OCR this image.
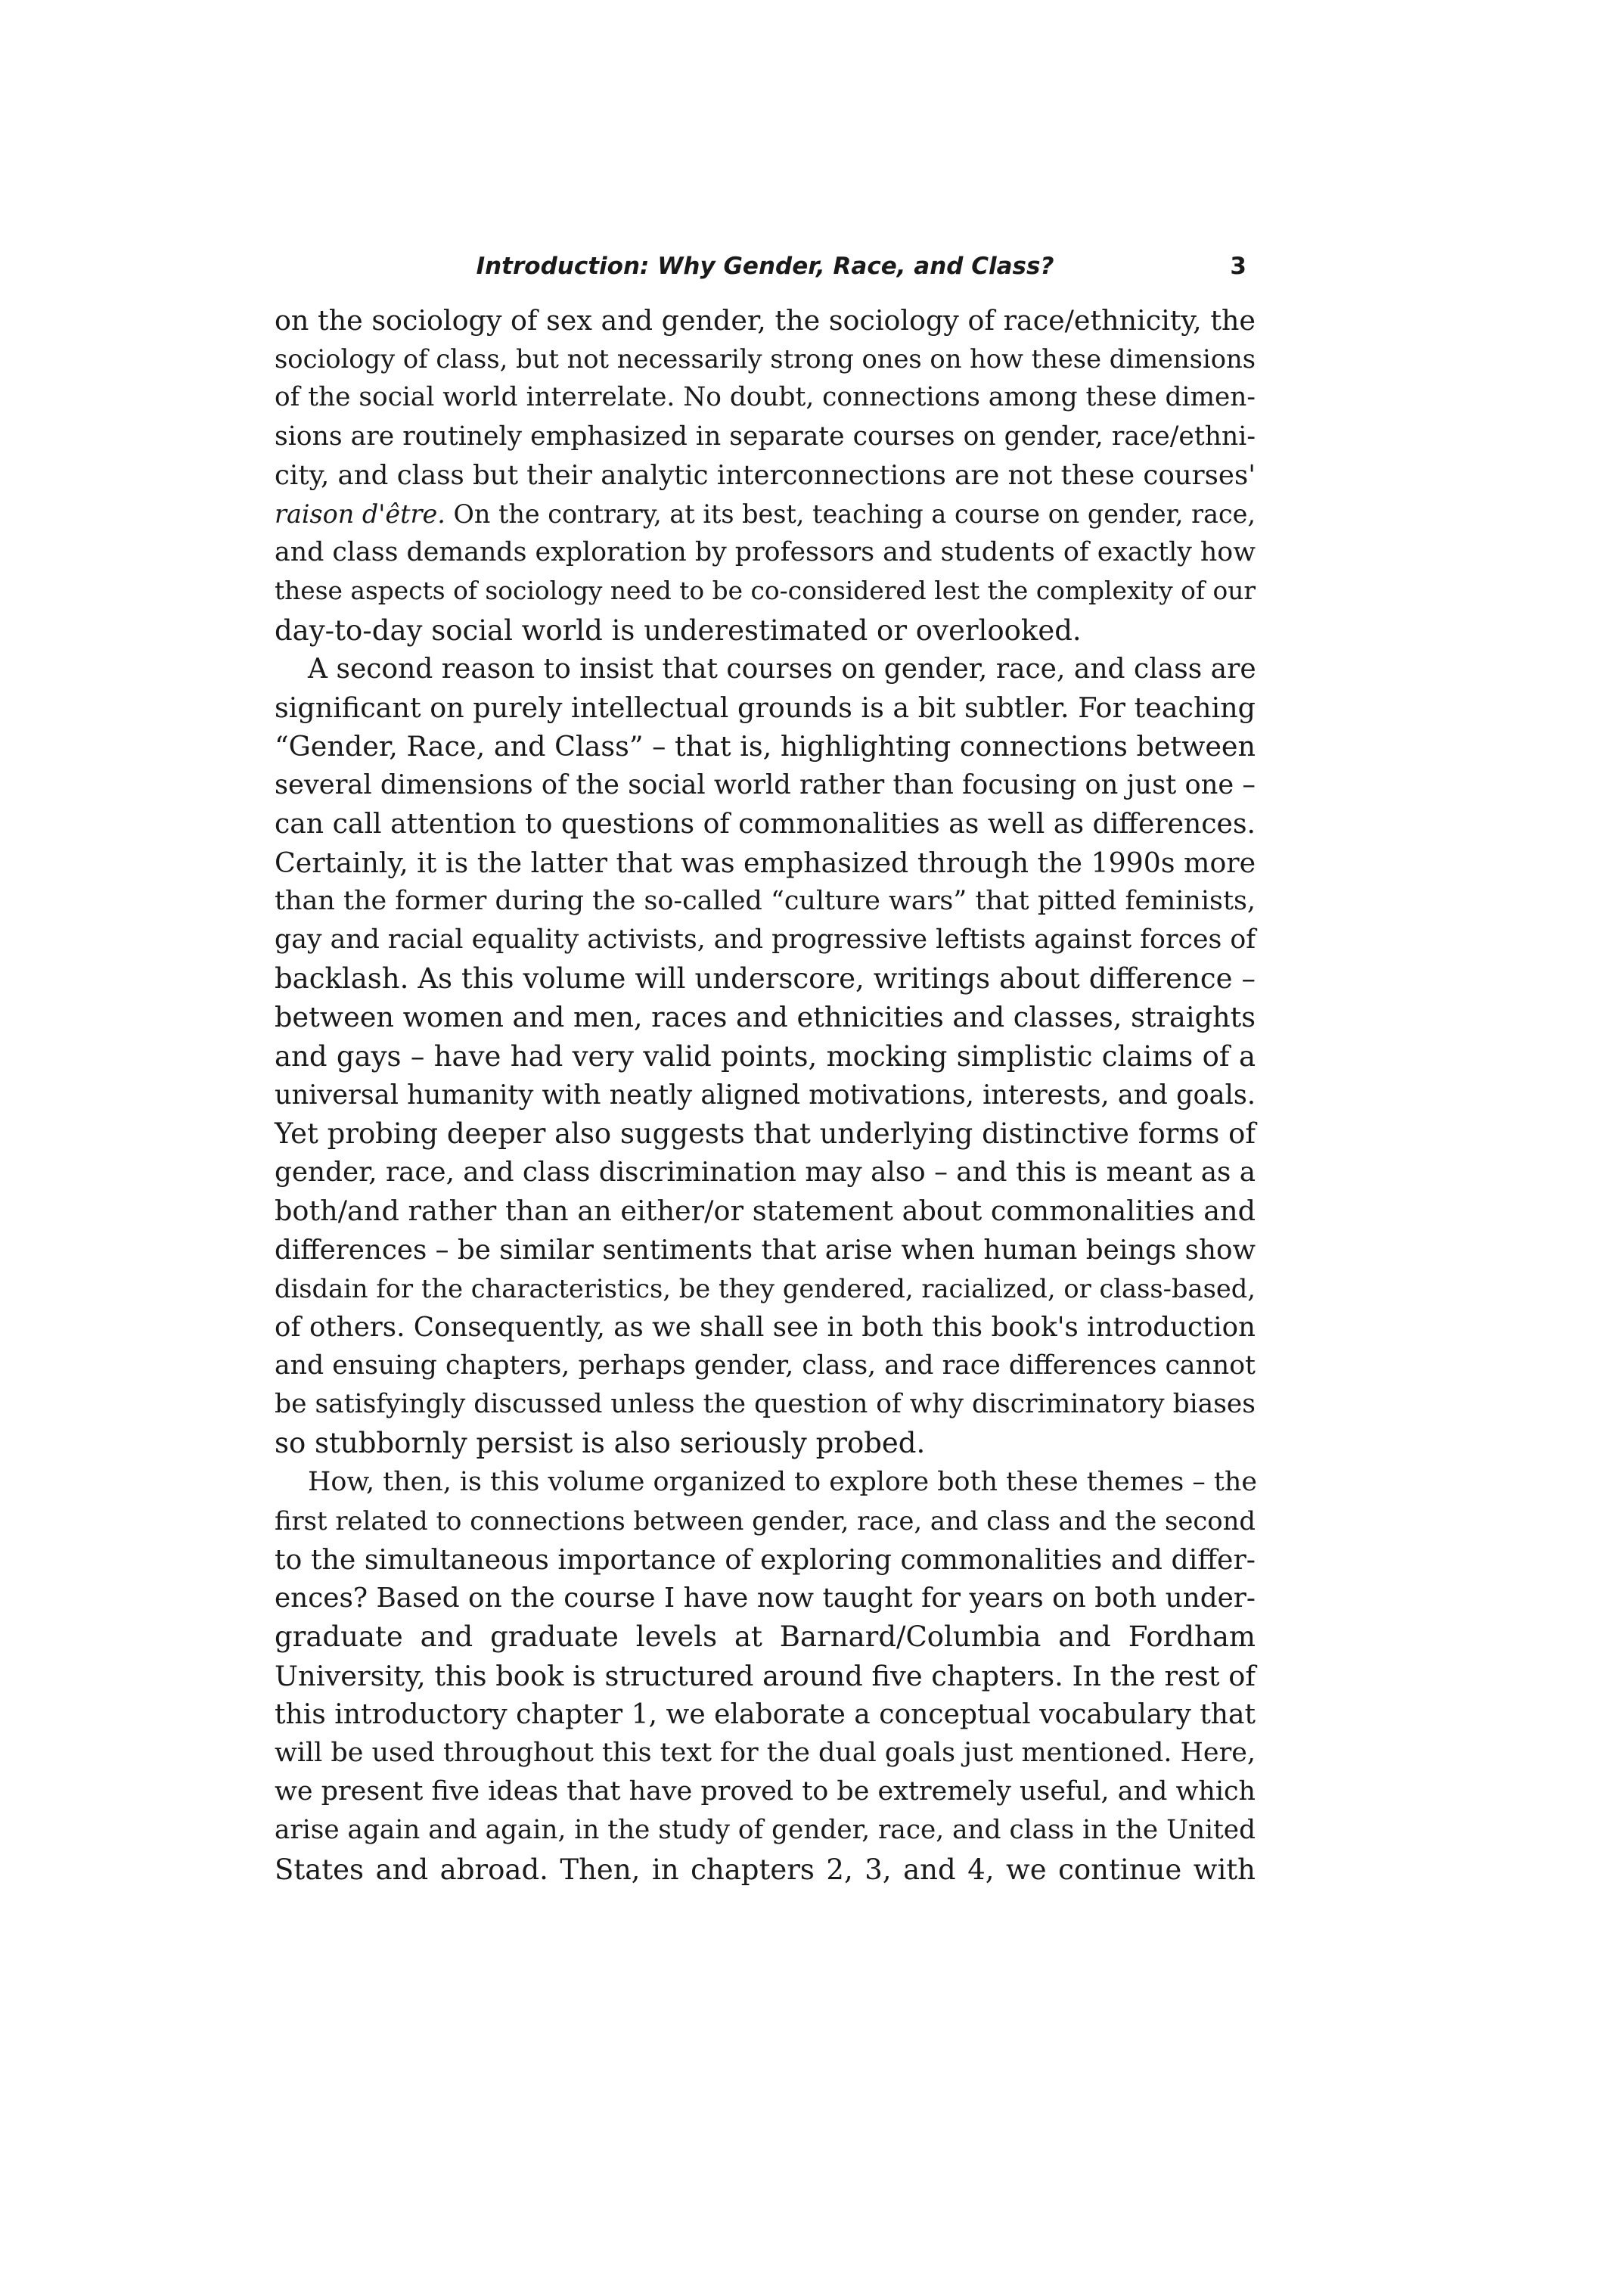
Introduction: Why Gender, Race, and Class?	3
on the sociology of sex and gender, the sociology of race/ethnicity, the
sociology of class, but not necessarily strong ones on how these dimensions
of the social world interrelate. No doubt, connections among these dimen-
sions are routinely emphasized in separate courses on gender, race/ethni-
city, and class but their analytic interconnections are not these courses'
raison d'être. On the contrary, at its best, teaching a course on gender, race,
and class demands exploration by professors and students of exactly how
these aspects of sociology need to be co-considered lest the complexity of our
day-to-day social world is underestimated or overlooked.
A second reason to insist that courses on gender, race, and class are
significant on purely intellectual grounds is a bit subtler. For teaching
“Gender, Race, and Class” – that is, highlighting connections between
several dimensions of the social world rather than focusing on just one –
can call attention to questions of commonalities as well as differences.
Certainly, it is the latter that was emphasized through the 1990s more
than the former during the so-called “culture wars” that pitted feminists,
gay and racial equality activists, and progressive leftists against forces of
backlash. As this volume will underscore, writings about difference –
between women and men, races and ethnicities and classes, straights
and gays – have had very valid points, mocking simplistic claims of a
universal humanity with neatly aligned motivations, interests, and goals.
Yet probing deeper also suggests that underlying distinctive forms of
gender, race, and class discrimination may also – and this is meant as a
both/and rather than an either/or statement about commonalities and
differences – be similar sentiments that arise when human beings show
disdain for the characteristics, be they gendered, racialized, or class-based,
of others. Consequently, as we shall see in both this book's introduction
and ensuing chapters, perhaps gender, class, and race differences cannot
be satisfyingly discussed unless the question of why discriminatory biases
so stubbornly persist is also seriously probed.
How, then, is this volume organized to explore both these themes – the
first related to connections between gender, race, and class and the second
to the simultaneous importance of exploring commonalities and differ-
ences? Based on the course I have now taught for years on both under-
graduate and graduate levels at Barnard/Columbia and Fordham
University, this book is structured around five chapters. In the rest of
this introductory chapter 1, we elaborate a conceptual vocabulary that
will be used throughout this text for the dual goals just mentioned. Here,
we present five ideas that have proved to be extremely useful, and which
arise again and again, in the study of gender, race, and class in the United
States and abroad. Then, in chapters 2, 3, and 4, we continue with
